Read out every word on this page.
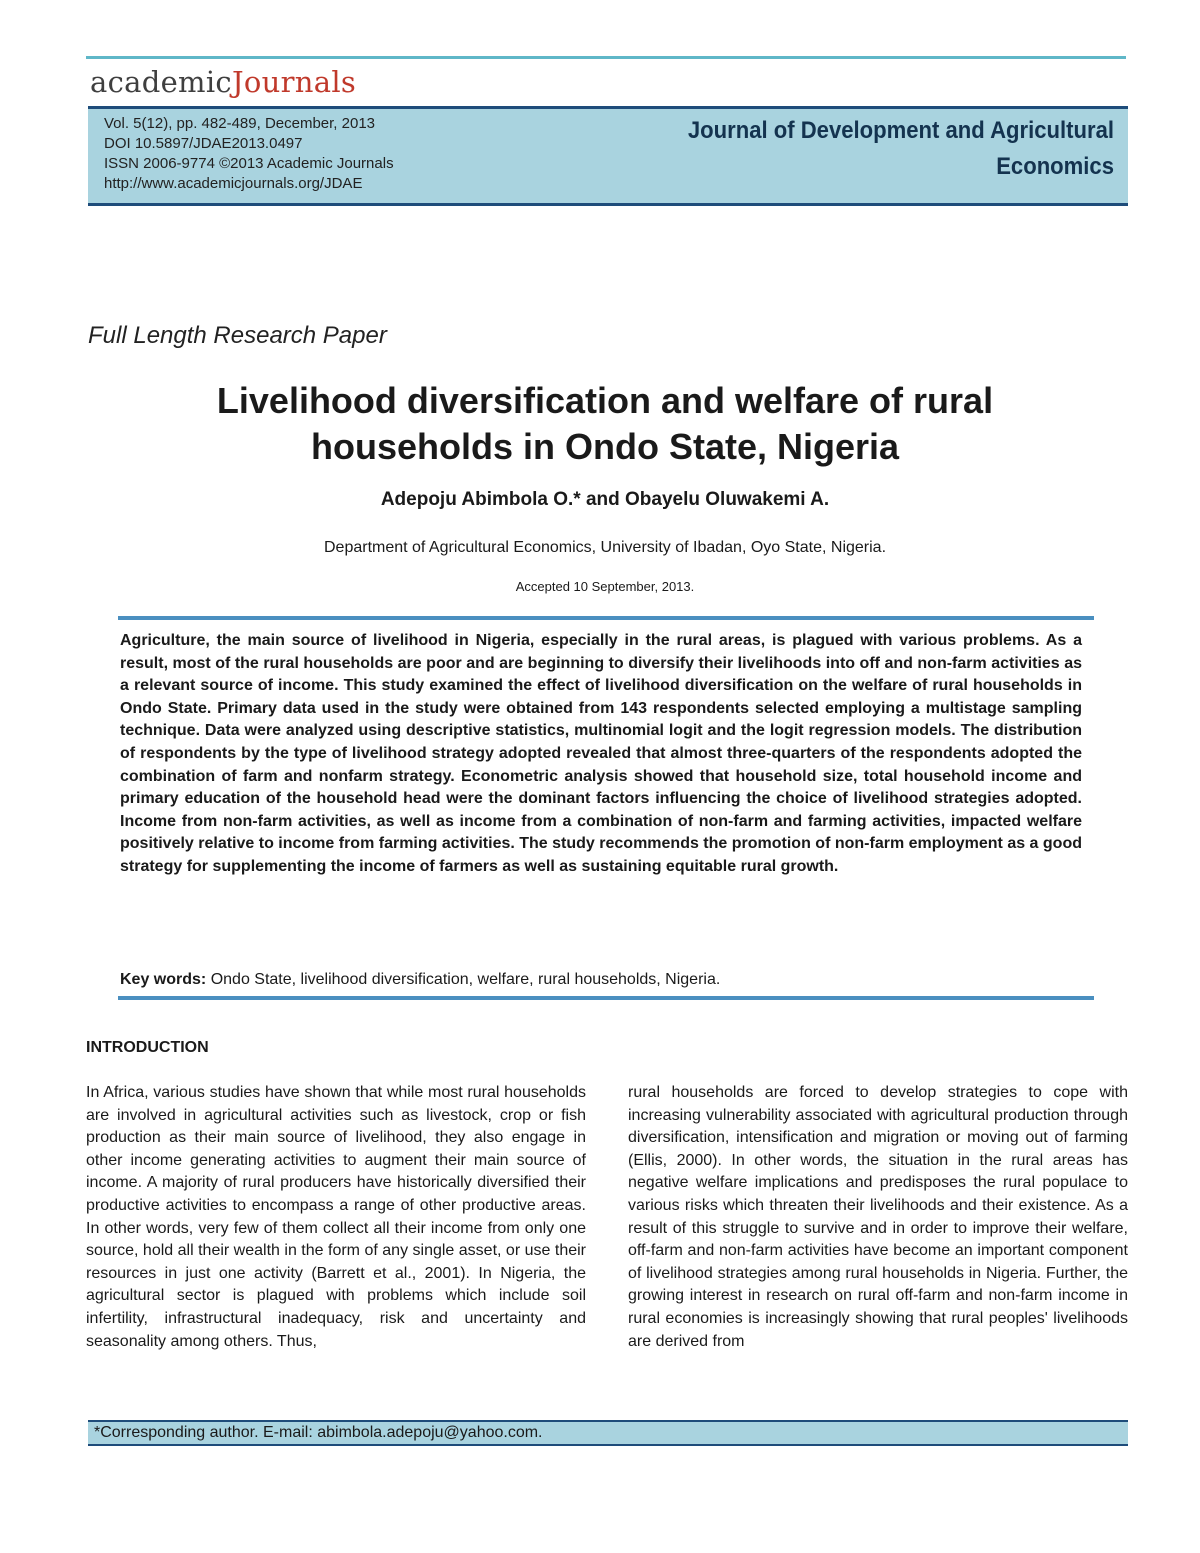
academicJournals
Vol. 5(12), pp. 482-489, December, 2013
DOI 10.5897/JDAE2013.0497
ISSN 2006-9774 ©2013 Academic Journals
http://www.academicjournals.org/JDAE
Journal of Development and Agricultural
Economics
Full Length Research Paper
Livelihood diversification and welfare of rural households in Ondo State, Nigeria
Adepoju Abimbola O.* and Obayelu Oluwakemi A.
Department of Agricultural Economics, University of Ibadan, Oyo State, Nigeria.
Accepted 10 September, 2013.
Agriculture, the main source of livelihood in Nigeria, especially in the rural areas, is plagued with various problems. As a result, most of the rural households are poor and are beginning to diversify their livelihoods into off and non-farm activities as a relevant source of income. This study examined the effect of livelihood diversification on the welfare of rural households in Ondo State. Primary data used in the study were obtained from 143 respondents selected employing a multistage sampling technique. Data were analyzed using descriptive statistics, multinomial logit and the logit regression models. The distribution of respondents by the type of livelihood strategy adopted revealed that almost three-quarters of the respondents adopted the combination of farm and nonfarm strategy. Econometric analysis showed that household size, total household income and primary education of the household head were the dominant factors influencing the choice of livelihood strategies adopted. Income from non-farm activities, as well as income from a combination of non-farm and farming activities, impacted welfare positively relative to income from farming activities. The study recommends the promotion of non-farm employment as a good strategy for supplementing the income of farmers as well as sustaining equitable rural growth.
Key words: Ondo State, livelihood diversification, welfare, rural households, Nigeria.
INTRODUCTION
In Africa, various studies have shown that while most rural households are involved in agricultural activities such as livestock, crop or fish production as their main source of livelihood, they also engage in other income generating activities to augment their main source of income. A majority of rural producers have historically diversified their productive activities to encompass a range of other productive areas. In other words, very few of them collect all their income from only one source, hold all their wealth in the form of any single asset, or use their resources in just one activity (Barrett et al., 2001). In Nigeria, the agricultural sector is plagued with problems which include soil infertility, infrastructural inadequacy, risk and uncertainty and seasonality among others. Thus,
rural households are forced to develop strategies to cope with increasing vulnerability associated with agricultural production through diversification, intensification and migration or moving out of farming (Ellis, 2000). In other words, the situation in the rural areas has negative welfare implications and predisposes the rural populace to various risks which threaten their livelihoods and their existence. As a result of this struggle to survive and in order to improve their welfare, off-farm and non-farm activities have become an important component of livelihood strategies among rural households in Nigeria. Further, the growing interest in research on rural off-farm and non-farm income in rural economies is increasingly showing that rural peoples' livelihoods are derived from
*Corresponding author. E-mail: abimbola.adepoju@yahoo.com.
